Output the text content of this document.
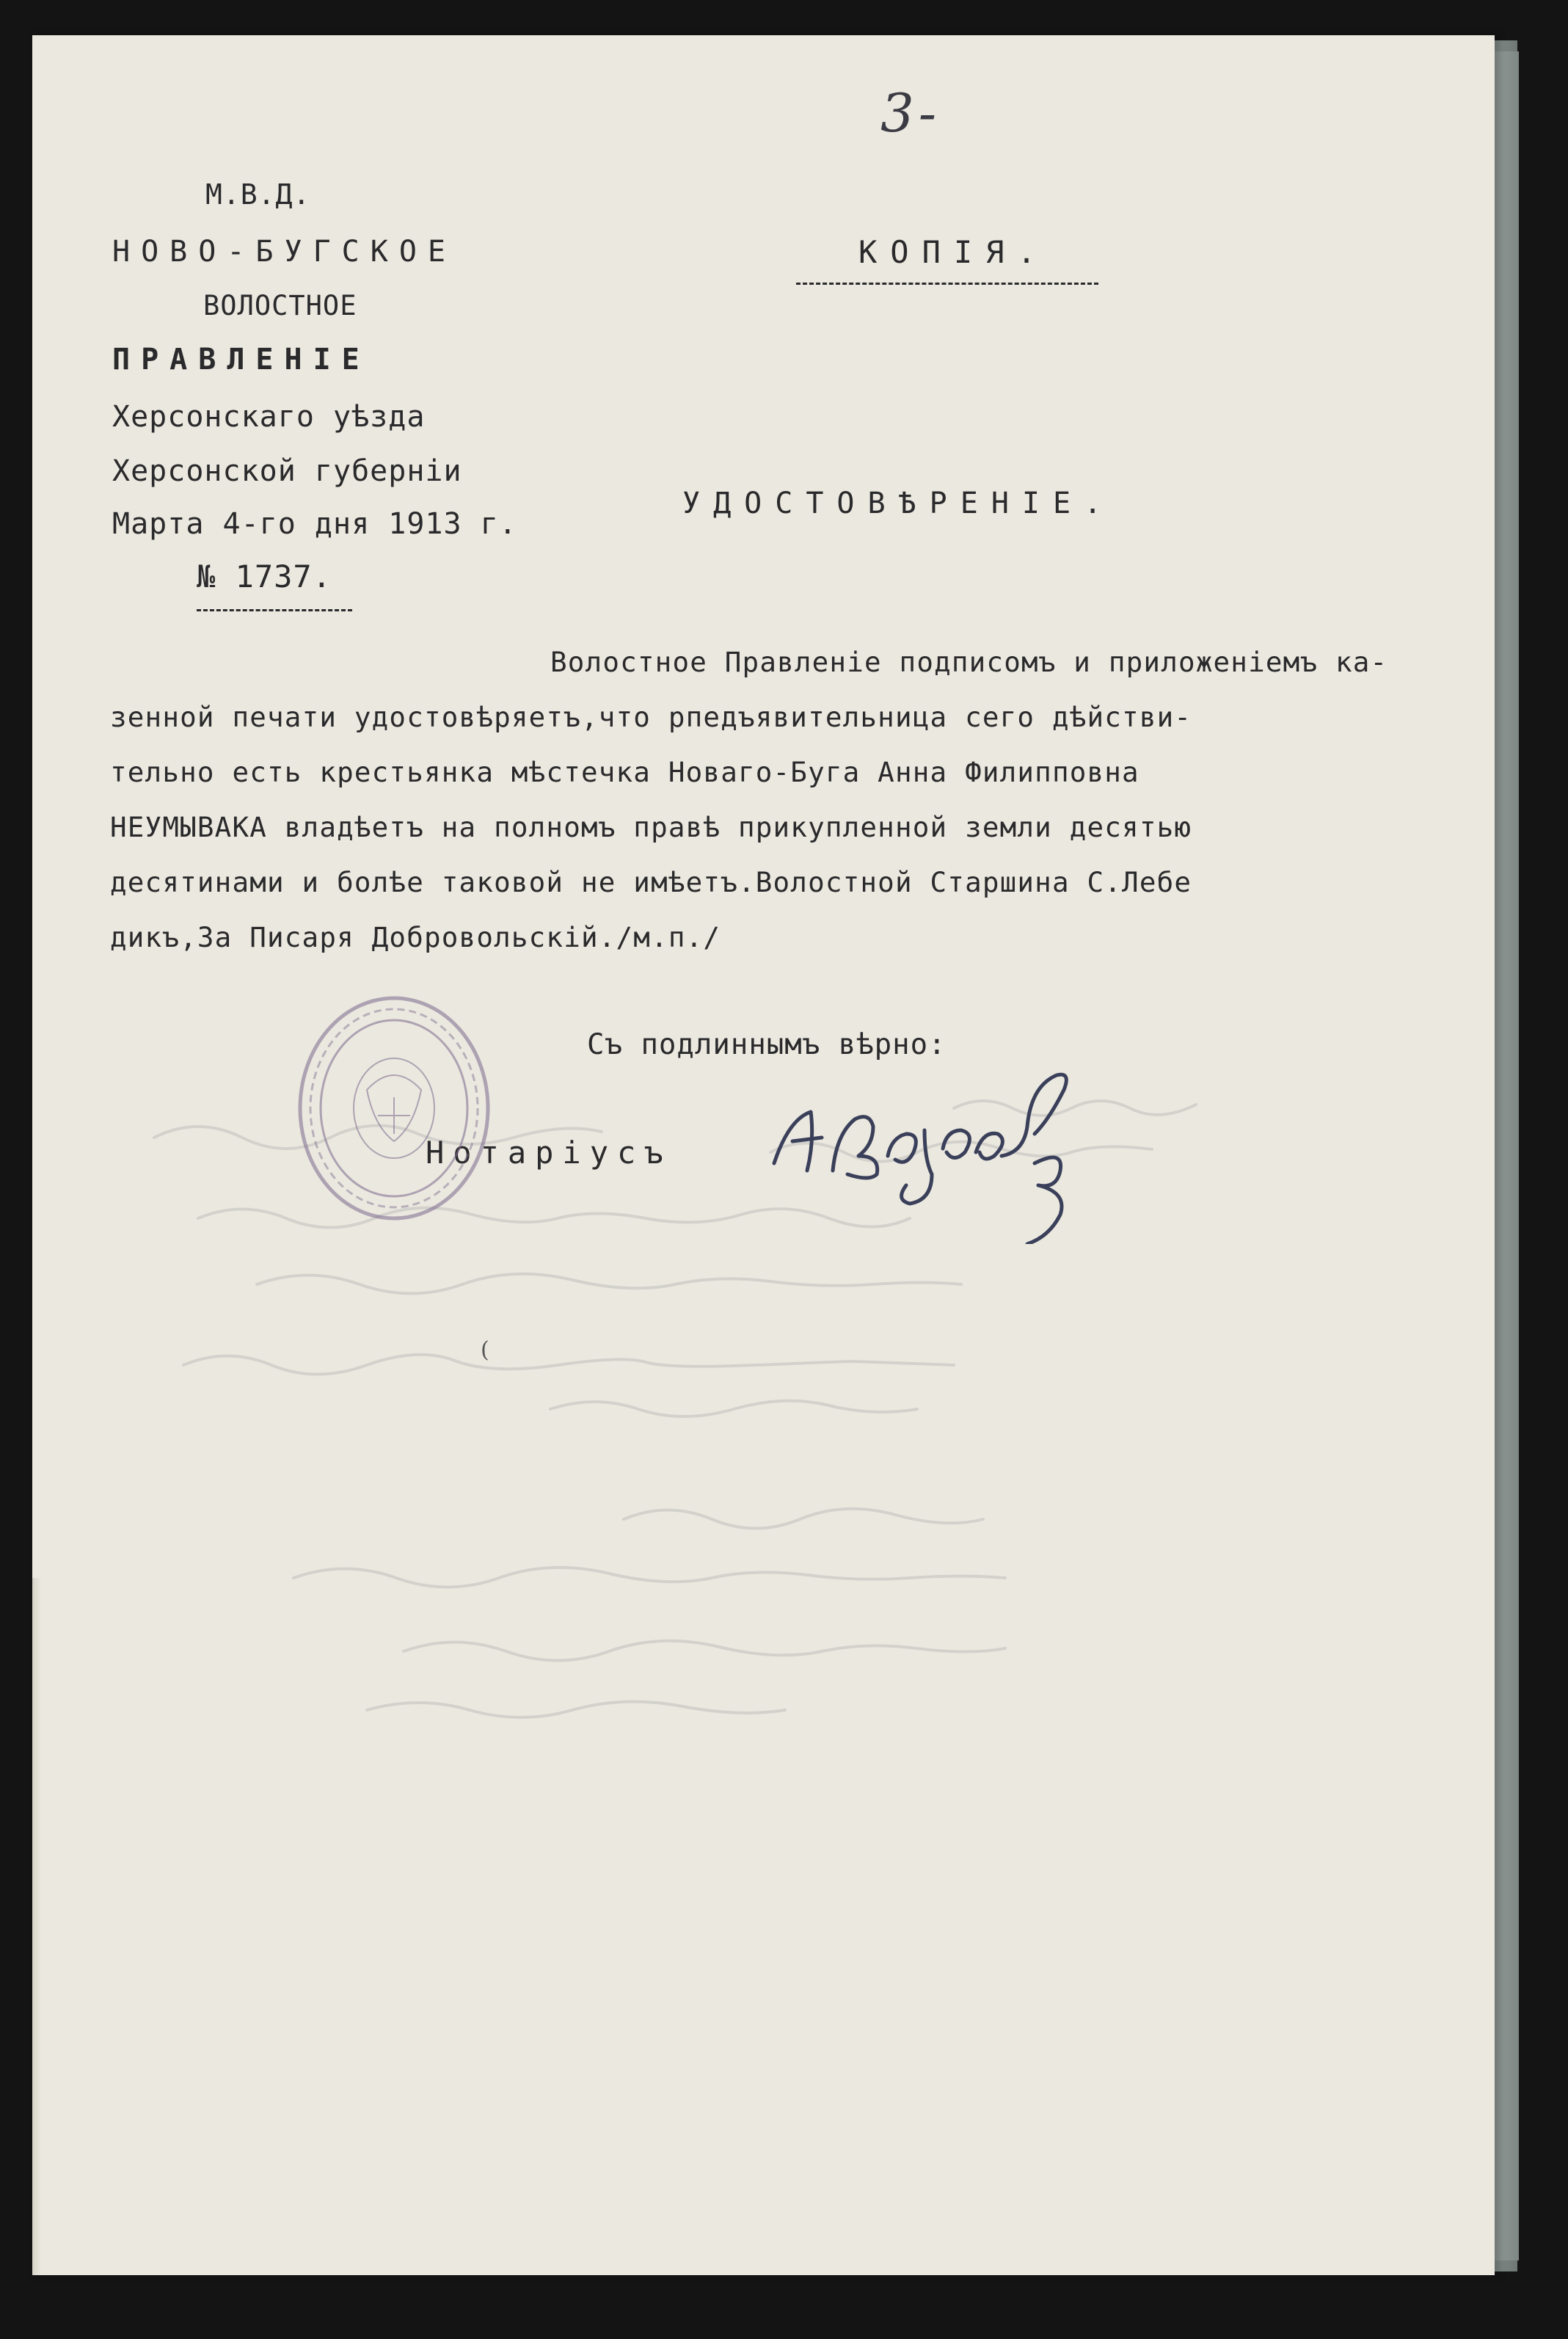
3-
М.В.Д.
НОВО-БУГСКОЕ
ВОЛОСТНОЕ
ПРАВЛЕНІЕ
Херсонскаго уѣзда
Херсонской губерніи
Марта 4-го дня 1913 г.
№ 1737.
КОПІЯ.
УДОСТОВѢРЕНІЕ.
Волостное Правленіе подписомъ и приложеніемъ ка-
зенной печати удостовѣряетъ,что рпедъявительница сего дѣйстви-
тельно есть крестьянка мѣстечка Новаго-Буга Анна Филипповна
НЕУМЫВАКА владѣетъ на полномъ правѣ прикупленной земли десятью
десятинами и болѣе таковой не имѣетъ.Волостной Старшина С.Лебе
дикъ,За Писаря Добровольскій./м.п./
Съ подлиннымъ вѣрно:
Нотаріусъ
(
